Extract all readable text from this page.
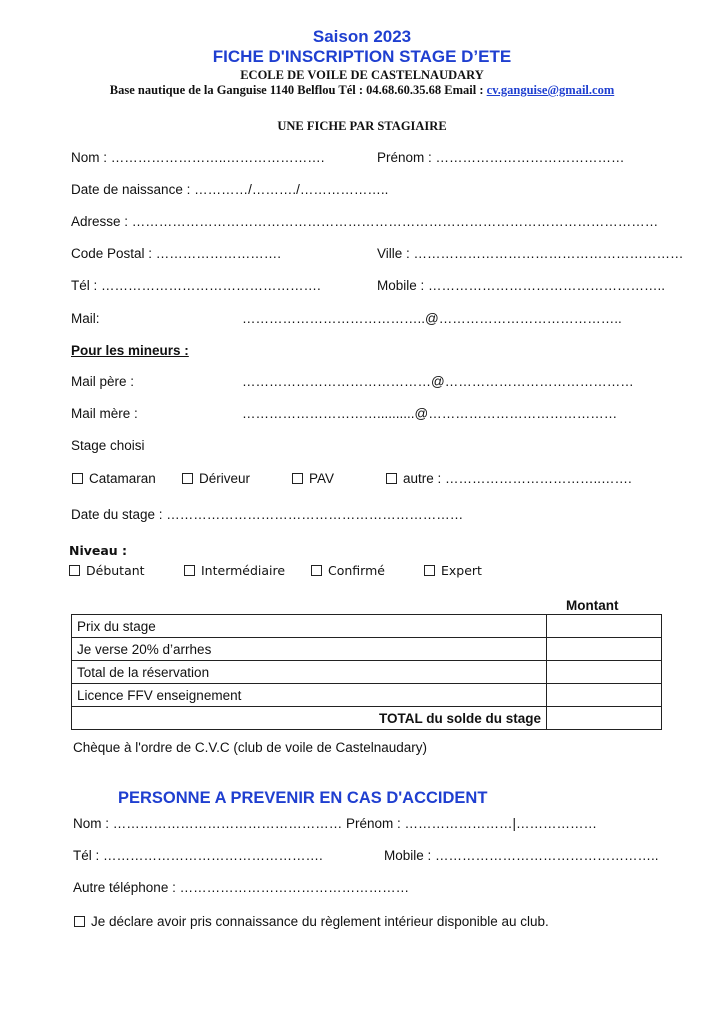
Saison 2023
FICHE D'INSCRIPTION STAGE D’ETE
ECOLE DE VOILE DE CASTELNAUDARY
Base nautique de la Ganguise 1140 Belflou Tél : 04.68.60.35.68 Email : cv.ganguise@gmail.com
UNE FICHE PAR STAGIAIRE
Nom : ……………………..………………….	Prénom : ……………………………………
Date de naissance : …………/………./………………..
Adresse : ………………………………………………………………………………………………………
Code Postal : ……………………….	Ville : ……………………………………………………
Tél : ………………………………………….	Mobile : ……………………………………………..
Mail:	…………………………………..@…………………………………..
Pour les mineurs :
Mail père :	……………………………………@……………………………………
Mail mère :	…………………………..........@……………………………………
Stage choisi
Catamaran	Dériveur	PAV	autre : ……………………………..…….
Date du stage : …………………………………………………………
Niveau :
Débutant	Intermédiaire	Confirmé	Expert
Montant
Prix du stage	
Je verse 20% d’arrhes	
Total de la réservation	
Licence FFV enseignement	
TOTAL du solde du stage	
Chèque à l'ordre de C.V.C (club de voile de Castelnaudary)
PERSONNE A PREVENIR EN CAS D'ACCIDENT
Nom : …………………………………………… Prénom : ……………………|………………
Tél : ………………………………………….	Mobile : …………………………………………..
Autre téléphone : ……………………………………………
Je déclare avoir pris connaissance du règlement intérieur disponible au club.
